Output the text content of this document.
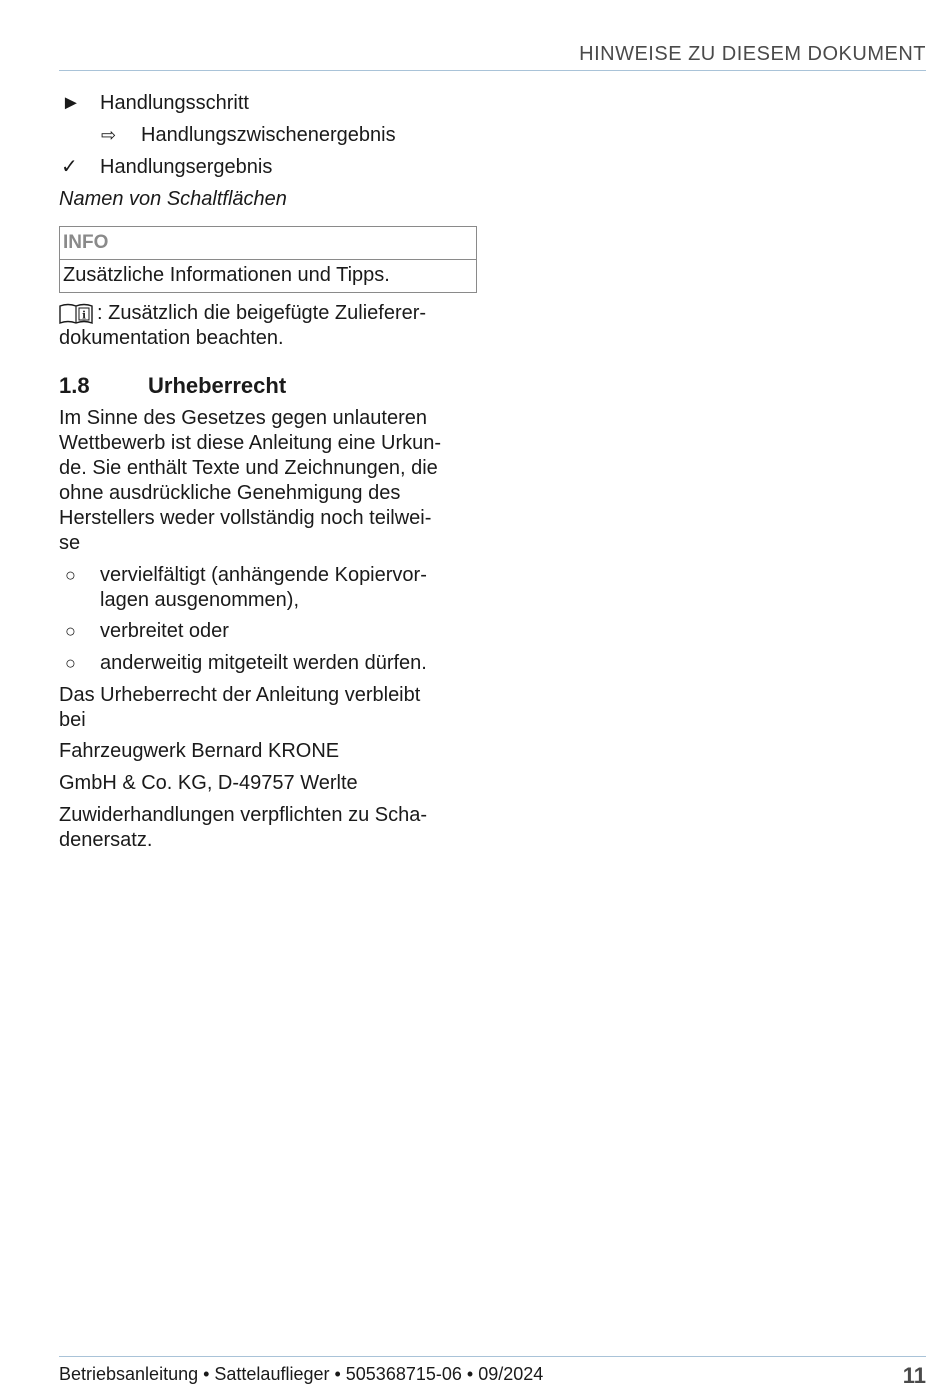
HINWEISE ZU DIESEM DOKUMENT
► Handlungsschritt
⇨ Handlungszwischenergebnis
✓ Handlungsergebnis
Namen von Schaltflächen
INFO
Zusätzliche Informationen und Tipps.
i : Zusätzlich die beigefügte Zulieferer-
dokumentation beachten.
1.8	Urheberrecht
Im Sinne des Gesetzes gegen unlauteren
Wettbewerb ist diese Anleitung eine Urkun-
de. Sie enthält Texte und Zeichnungen, die
ohne ausdrückliche Genehmigung des
Herstellers weder vollständig noch teilwei-
se
○ vervielfältigt (anhängende Kopiervor-
lagen ausgenommen),
○ verbreitet oder
○ anderweitig mitgeteilt werden dürfen.
Das Urheberrecht der Anleitung verbleibt
bei
Fahrzeugwerk Bernard KRONE
GmbH & Co. KG, D-49757 Werlte
Zuwiderhandlungen verpflichten zu Scha-
denersatz.
Betriebsanleitung • Sattelauflieger • 505368715-06 • 09/2024	11
